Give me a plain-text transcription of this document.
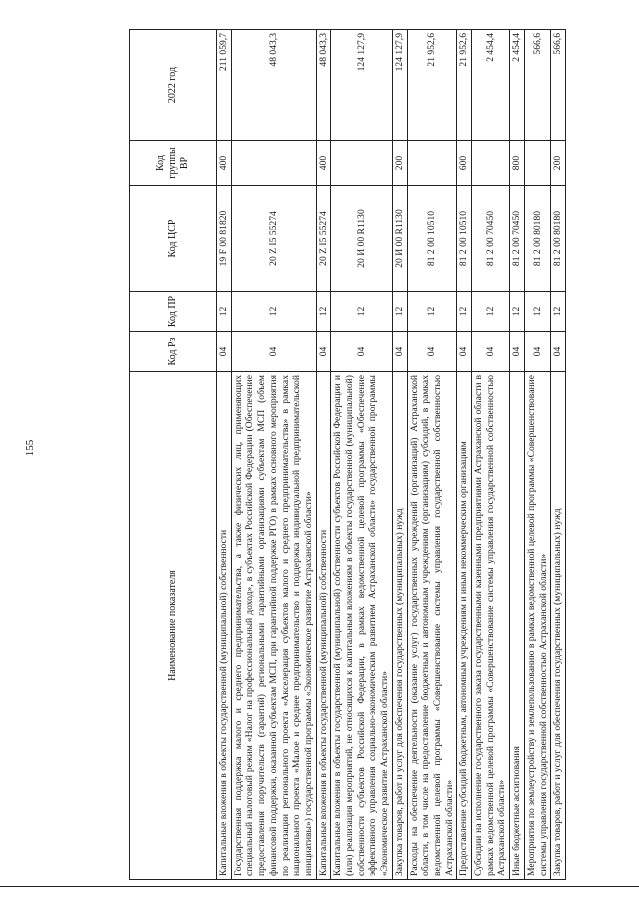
155
Наименование показателя	Код Рз	Код ПР	Код ЦСР	Код группы ВР	2022 год
Капитальные вложения в объекты государственной (муниципальной) собственности	04	12	19 F 00 81820	400	211 059,7
Государственная поддержка малого и среднего предпринимательства, а также физических лиц, применяющих специальный налоговый режим «Налог на профессиональный доход», в субъектах Российской Федерации (Обеспечение предоставления поручительств (гарантий) региональными гарантийными организациями субъектам МСП (объем финансовой поддержки, оказанной субъектам МСП, при гарантийной поддержке РГО) в рамках основного мероприятия по реализации регионального проекта «Акселерация субъектов малого и среднего предпринимательства» в рамках национального проекта «Малое и среднее предпринимательство и поддержка индивидуальной предпринимательской инициативы») государственной программы «Экономическое развитие Астраханской области»	04	12	20 Z I5 55274		48 043,3
Капитальные вложения в объекты государственной (муниципальной) собственности	04	12	20 Z I5 55274	400	48 043,3
Капитальные вложения в объекты государственной (муниципальной) собственности субъектов Российской Федерации и (или) реализация мероприятий, не относящихся к капитальным вложениям в объекты государственной (муниципальной) собственности субъектов Российской Федерации, в рамках ведомственной целевой программы «Обеспечение эффективного управления социально-экономическим развитием Астраханской области» государственной программы «Экономическое развитие Астраханской области»	04	12	20 И 00 R1130		124 127,9
Закупка товаров, работ и услуг для обеспечения государственных (муниципальных) нужд	04	12	20 И 00 R1130	200	124 127,9
Расходы на обеспечение деятельности (оказание услуг) государственных учреждений (организаций) Астраханской области, в том числе на предоставление бюджетным и автономным учреждениям (организациям) субсидий, в рамках ведомственной целевой программы «Совершенствование системы управления государственной собственностью Астраханской области»	04	12	81 2 00 10510		21 952,6
Предоставление субсидий бюджетным, автономным учреждениям и иным некоммерческим организациям	04	12	81 2 00 10510	600	21 952,6
Субсидии на исполнение государственного заказа государственными казенными предприятиями Астраханской области в рамках ведомственной целевой программы «Совершенствование системы управления государственной собственностью Астраханской области»	04	12	81 2 00 70450		2 454,4
Иные бюджетные ассигнования	04	12	81 2 00 70450	800	2 454,4
Мероприятия по землеустройству и землепользованию в рамках ведомственной целевой программы «Совершенствование системы управления государственной собственностью Астраханской области»	04	12	81 2 00 80180		566,6
Закупка товаров, работ и услуг для обеспечения государственных (муниципальных) нужд	04	12	81 2 00 80180	200	566,6
